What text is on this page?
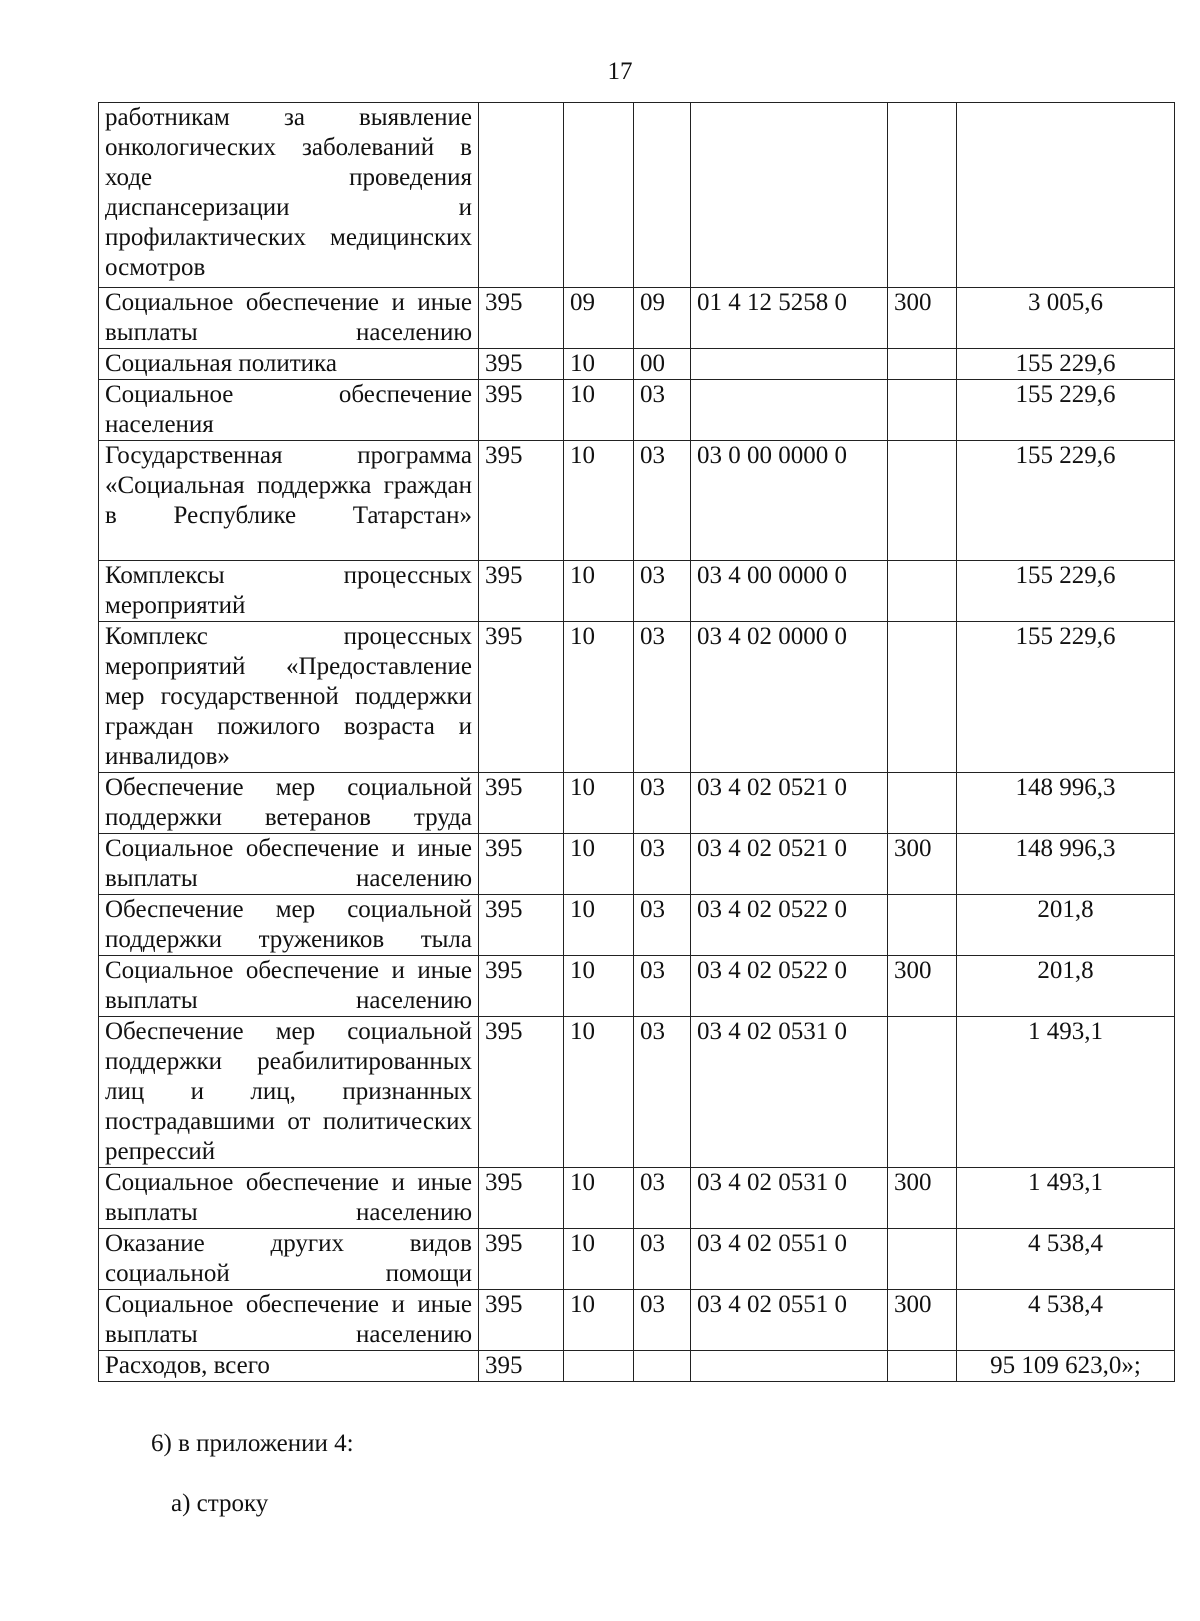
17
работникам за выявление онкологических заболеваний в ходе проведения диспансеризации и профилактических медицинских осмотров						
Социальное обеспечение и иные выплаты населению	395	09	09	01 4 12 5258 0	300	3 005,6
Социальная политика	395	10	00			155 229,6
Социальное обеспечение населения	395	10	03			155 229,6
Государственная программа «Социальная поддержка граждан в Республике Татарстан»	395	10	03	03 0 00 0000 0		155 229,6
Комплексы процессных мероприятий	395	10	03	03 4 00 0000 0		155 229,6
Комплекс процессных мероприятий «Предоставление мер государственной поддержки граждан пожилого возраста и инвалидов»	395	10	03	03 4 02 0000 0		155 229,6
Обеспечение мер социальной поддержки ветеранов труда	395	10	03	03 4 02 0521 0		148 996,3
Социальное обеспечение и иные выплаты населению	395	10	03	03 4 02 0521 0	300	148 996,3
Обеспечение мер социальной поддержки тружеников тыла	395	10	03	03 4 02 0522 0		201,8
Социальное обеспечение и иные выплаты населению	395	10	03	03 4 02 0522 0	300	201,8
Обеспечение мер социальной поддержки реабилитированных лиц и лиц, признанных пострадавшими от политических репрессий	395	10	03	03 4 02 0531 0		1 493,1
Социальное обеспечение и иные выплаты населению	395	10	03	03 4 02 0531 0	300	1 493,1
Оказание других видов социальной помощи	395	10	03	03 4 02 0551 0		4 538,4
Социальное обеспечение и иные выплаты населению	395	10	03	03 4 02 0551 0	300	4 538,4
Расходов, всего	395					95 109 623,0»;
6) в приложении 4:
а) строку
